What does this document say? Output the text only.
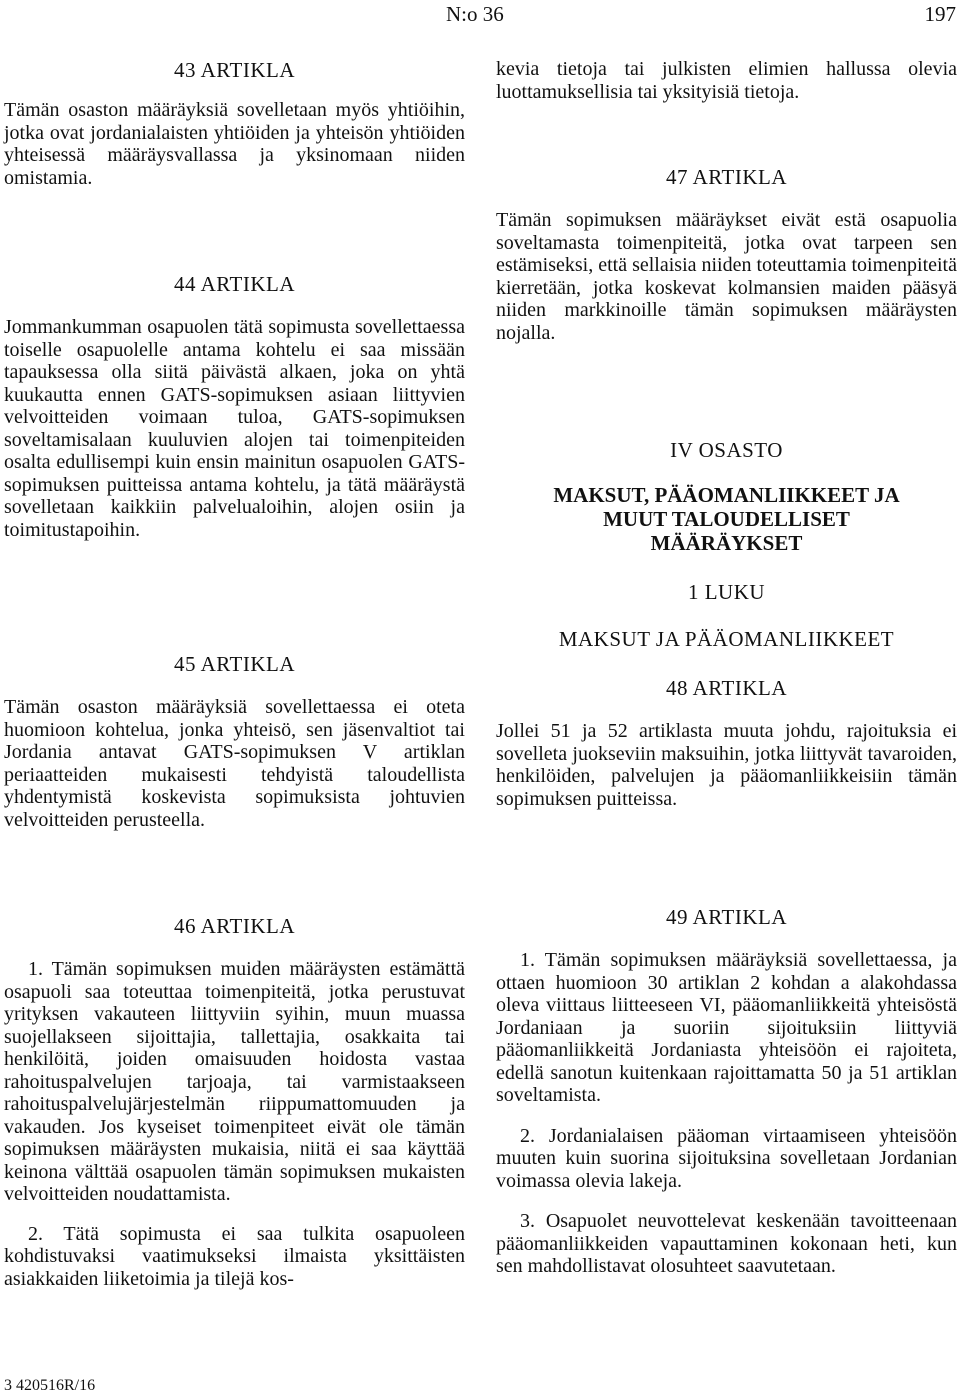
N:o 36	197
43 ARTIKLA

Tämän osaston määräyksiä sovelletaan myös yhtiöihin, jotka ovat jordanialaisten yhtiöiden ja yhteisön yhtiöiden yhteisessä määräysvallassa ja yksinomaan niiden omistamia.

44 ARTIKLA

Jommankumman osapuolen tätä sopimusta sovellettaessa toiselle osapuolelle antama kohtelu ei saa missään tapauksessa olla siitä päivästä alkaen, joka on yhtä kuukautta ennen GATS-sopimuksen asiaan liittyvien velvoitteiden voimaan tuloa, GATS-sopimuksen soveltamisalaan kuuluvien alojen tai toimenpiteiden osalta edullisempi kuin ensin mainitun osapuolen GATS-sopimuksen puitteissa antama kohtelu, ja tätä määräystä sovelletaan kaikkiin palvelualoihin, alojen osiin ja toimitustapoihin.

45 ARTIKLA

Tämän osaston määräyksiä sovellettaessa ei oteta huomioon kohtelua, jonka yhteisö, sen jäsenvaltiot tai Jordania antavat GATS-sopimuksen V artiklan periaatteiden mukaisesti tehdyistä taloudellista yhdentymistä koskevista sopimuksista johtuvien velvoitteiden perusteella.

46 ARTIKLA

1. Tämän sopimuksen muiden määräysten estämättä osapuoli saa toteuttaa toimenpiteitä, jotka perustuvat yrityksen vakauteen liittyviin syihin, muun muassa suojellakseen sijoittajia, tallettajia, osakkaita tai henkilöitä, joiden omaisuuden hoidosta vastaa rahoituspalvelujen tarjoaja, tai varmistaakseen rahoituspalvelujärjestelmän riippumattomuuden ja vakauden. Jos kyseiset toimenpiteet eivät ole tämän sopimuksen määräysten mukaisia, niitä ei saa käyttää keinona välttää osapuolen tämän sopimuksen mukaisten velvoitteiden noudattamista.

2. Tätä sopimusta ei saa tulkita osapuoleen kohdistuvaksi vaatimukseksi ilmaista yksittäisten asiakkaiden liiketoimia ja tilejä kos-

kevia tietoja tai julkisten elimien hallussa olevia luottamuksellisia tai yksityisiä tietoja.

47 ARTIKLA

Tämän sopimuksen määräykset eivät estä osapuolia soveltamasta toimenpiteitä, jotka ovat tarpeen sen estämiseksi, että sellaisia niiden toteuttamia toimenpiteitä kierretään, jotka koskevat kolmansien maiden pääsyä niiden markkinoille tämän sopimuksen määräysten nojalla.

IV OSASTO
MAKSUT, PÄÄOMANLIIKKEET JA
MUUT TALOUDELLISET
MÄÄRÄYKSET
1 LUKU
MAKSUT JA PÄÄOMANLIIKKEET
48 ARTIKLA

Jollei 51 ja 52 artiklasta muuta johdu, rajoituksia ei sovelleta juokseviin maksuihin, jotka liittyvät tavaroiden, henkilöiden, palvelujen ja pääomanliikkeisiin tämän sopimuksen puitteissa.

49 ARTIKLA

1. Tämän sopimuksen määräyksiä sovellettaessa, ja ottaen huomioon 30 artiklan 2 kohdan a alakohdassa oleva viittaus liitteeseen VI, pääomanliikkeitä yhteisöstä Jordaniaan ja suoriin sijoituksiin liittyviä pääomanliikkeitä Jordaniasta yhteisöön ei rajoiteta, edellä sanotun kuitenkaan rajoittamatta 50 ja 51 artiklan soveltamista.

2. Jordanialaisen pääoman virtaamiseen yhteisöön muuten kuin suorina sijoituksina sovelletaan Jordanian voimassa olevia lakeja.

3. Osapuolet neuvottelevat keskenään tavoitteenaan pääomanliikkeiden vapauttaminen kokonaan heti, kun sen mahdollistavat olosuhteet saavutetaan.

3 420516R/16
